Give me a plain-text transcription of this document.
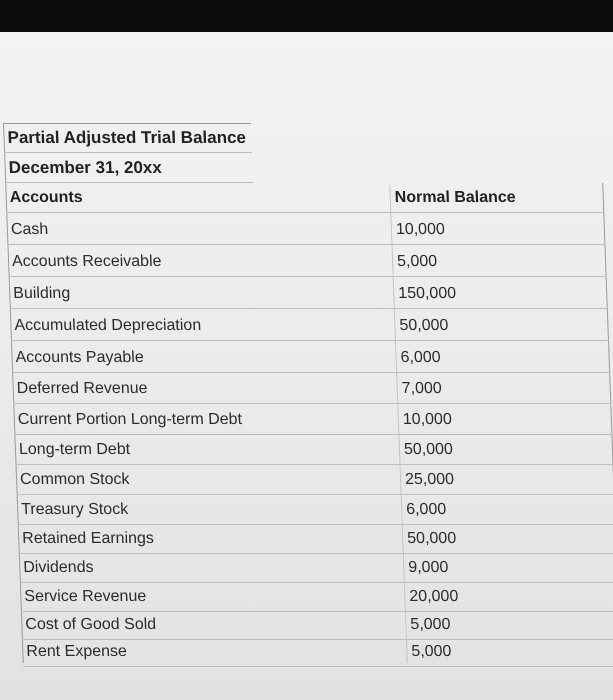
Partial Adjusted Trial Balance
December 31, 20xx
Accounts	Normal Balance
Cash	10,000
Accounts Receivable	5,000
Building	150,000
Accumulated Depreciation	50,000
Accounts Payable	6,000
Deferred Revenue	7,000
Current Portion Long-term Debt	10,000
Long-term Debt	50,000
Common Stock	25,000
Treasury Stock	6,000
Retained Earnings	50,000
Dividends	9,000
Service Revenue	20,000
Cost of Good Sold	5,000
Rent Expense	5,000
